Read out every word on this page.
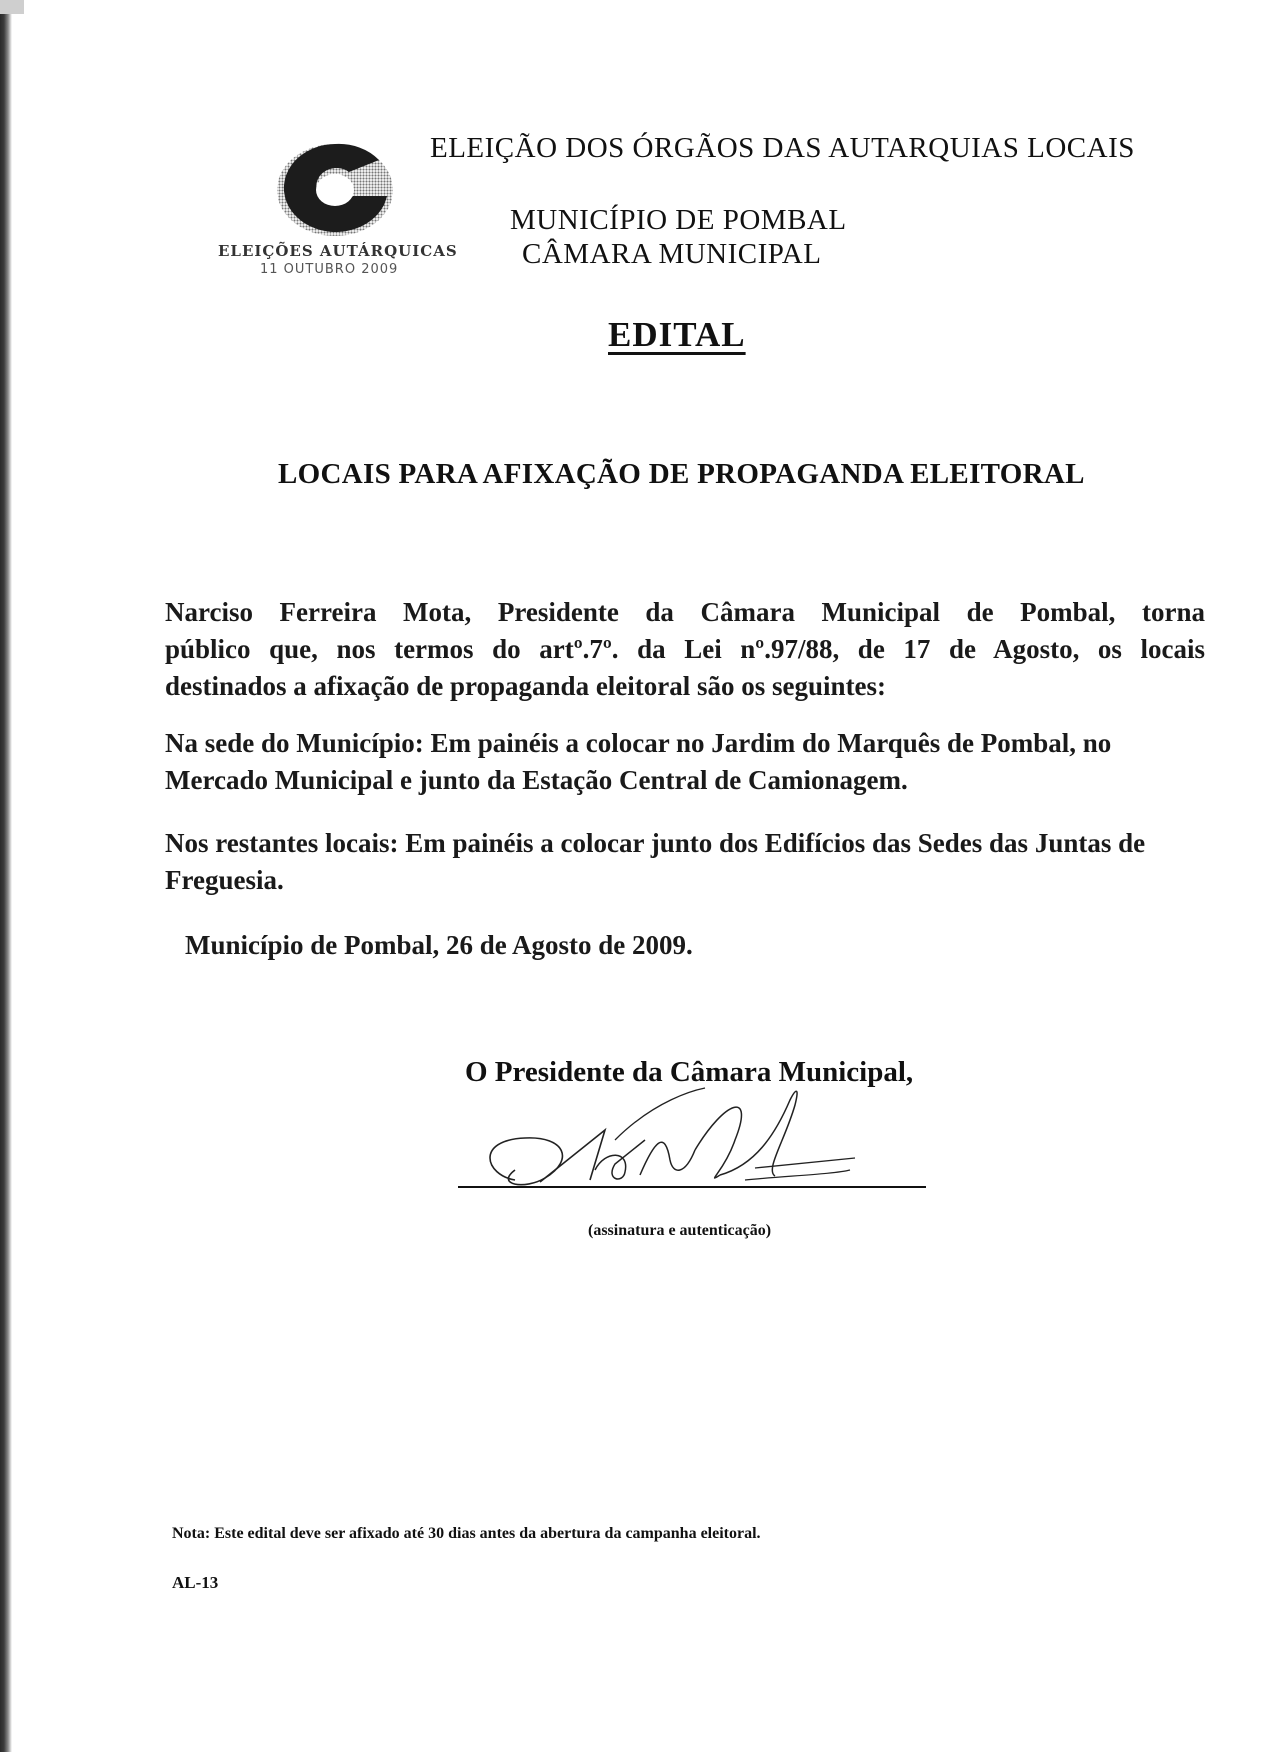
ELEIÇÕES AUTÁRQUICAS
11 OUTUBRO 2009
ELEIÇÃO DOS ÓRGÃOS DAS AUTARQUIAS LOCAIS
MUNICÍPIO DE POMBAL
CÂMARA MUNICIPAL
EDITAL
LOCAIS PARA AFIXAÇÃO DE PROPAGANDA ELEITORAL
Narciso Ferreira Mota, Presidente da Câmara Municipal de Pombal, torna
público que, nos termos do artº.7º. da Lei nº.97/88, de 17 de Agosto, os locais
destinados a afixação de propaganda eleitoral são os seguintes:

Na sede do Município: Em painéis a colocar no Jardim do Marquês de Pombal, no Mercado Municipal e junto da Estação Central de Camionagem.

Nos restantes locais: Em painéis a colocar junto dos Edifícios das Sedes das Juntas de Freguesia.

Município de Pombal, 26 de Agosto de 2009.

O Presidente da Câmara Municipal,
(assinatura e autenticação)
Nota: Este edital deve ser afixado até 30 dias antes da abertura da campanha eleitoral.
AL-13
